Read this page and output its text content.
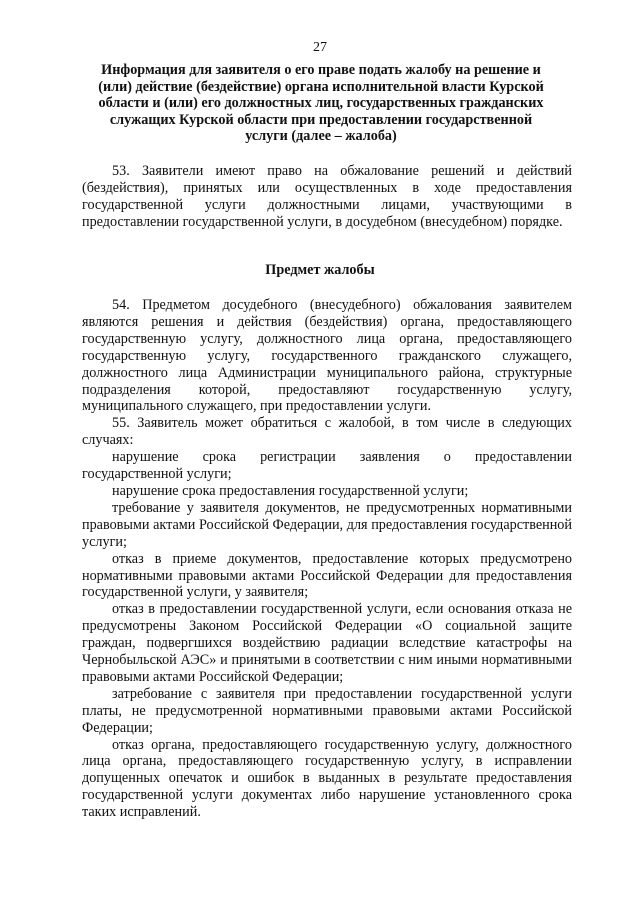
27
Информация для заявителя о его праве подать жалобу на решение и
(или) действие (бездействие) органа исполнительной власти Курской
области и (или) его должностных лиц, государственных гражданских
служащих Курской области при предоставлении государственной
услуги (далее – жалоба)

53. Заявители имеют право на обжалование решений и действий (бездействия), принятых или осуществленных в ходе предоставления государственной услуги должностными лицами, участвующими в предоставлении государственной услуги, в досудебном (внесудебном) порядке.

Предмет жалобы

54. Предметом досудебного (внесудебного) обжалования заявителем являются решения и действия (бездействия) органа, предоставляющего государственную услугу, должностного лица органа, предоставляющего государственную услугу, государственного гражданского служащего, должностного лица Администрации муниципального района, структурные подразделения которой, предоставляют государственную услугу, муниципального служащего, при предоставлении услуги.

55. Заявитель может обратиться с жалобой, в том числе в следующих случаях:

нарушение срока регистрации заявления о предоставлении государственной услуги;

нарушение срока предоставления государственной услуги;

требование у заявителя документов, не предусмотренных нормативными правовыми актами Российской Федерации, для предоставления государственной услуги;

отказ в приеме документов, предоставление которых предусмотрено нормативными правовыми актами Российской Федерации для предоставления государственной услуги, у заявителя;

отказ в предоставлении государственной услуги, если основания отказа не предусмотрены Законом Российской Федерации «О социальной защите граждан, подвергшихся воздействию радиации вследствие катастрофы на Чернобыльской АЭС» и принятыми в соответствии с ним иными нормативными правовыми актами Российской Федерации;

затребование с заявителя при предоставлении государственной услуги платы, не предусмотренной нормативными правовыми актами Российской Федерации;

отказ органа, предоставляющего государственную услугу, должностного лица органа, предоставляющего государственную услугу, в исправлении допущенных опечаток и ошибок в выданных в результате предоставления государственной услуги документах либо нарушение установленного срока таких исправлений.
